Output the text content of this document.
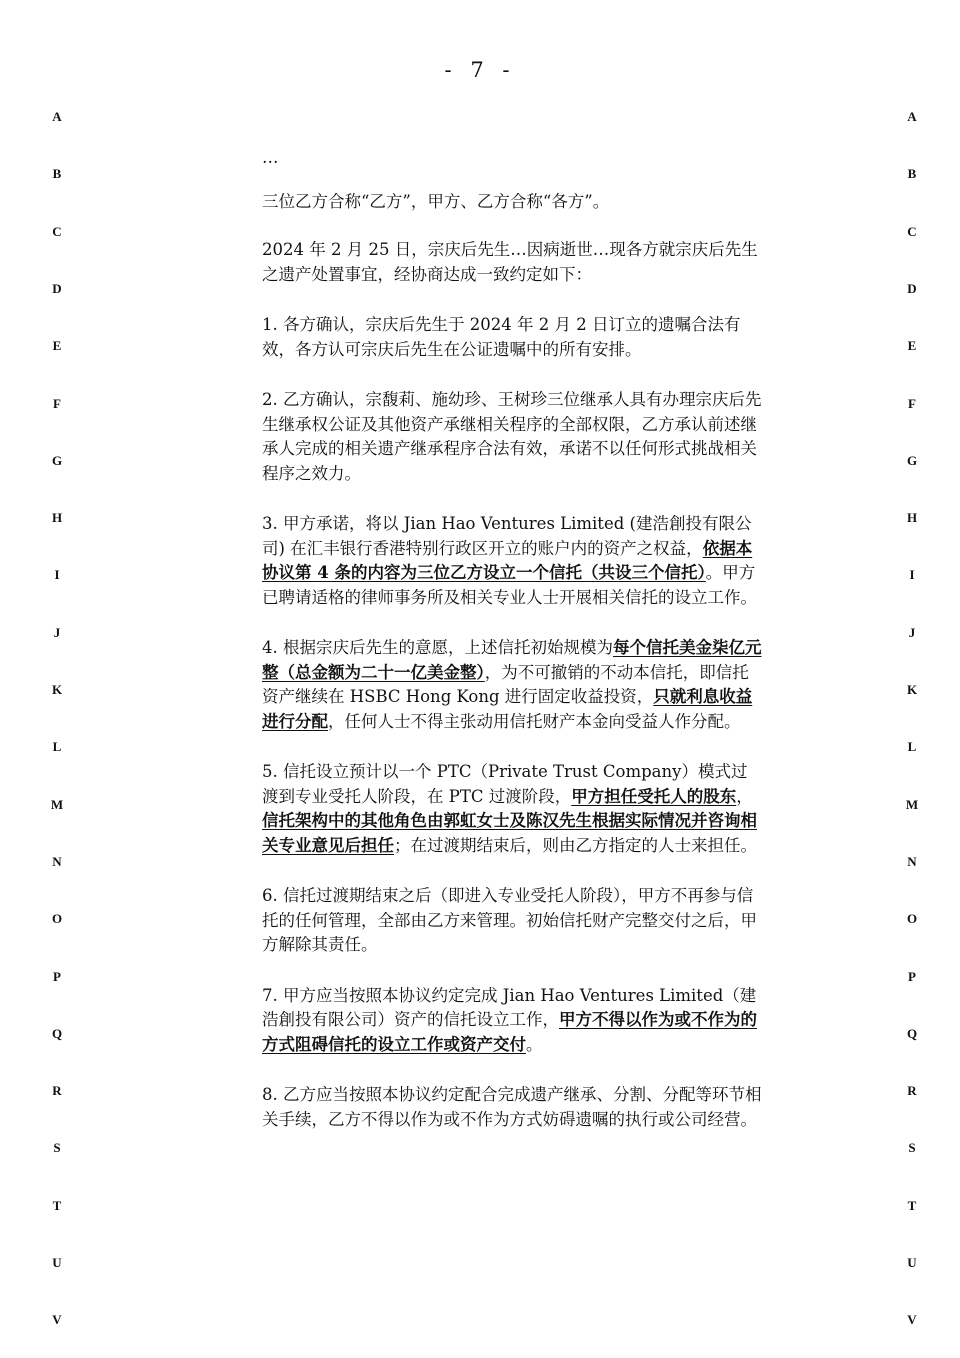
- 7 -
A
B
C
D
E
F
G
H
I
J
K
L
M
N
O
P
Q
R
S
T
U
V
A
B
C
D
E
F
G
H
I
J
K
L
M
N
O
P
Q
R
S
T
U
V

…

三位乙方合称“乙方”，甲方、乙方合称“各方”。

2024 年 2 月 25 日，宗庆后先生…因病逝世…现各方就宗庆后先生之遗产处置事宜，经协商达成一致约定如下：

1. 各方确认，宗庆后先生于 2024 年 2 月 2 日订立的遗嘱合法有效，各方认可宗庆后先生在公证遗嘱中的所有安排。

2. 乙方确认，宗馥莉、施幼珍、王树珍三位继承人具有办理宗庆后先生继承权公证及其他资产承继相关程序的全部权限，乙方承认前述继承人完成的相关遗产继承程序合法有效，承诺不以任何形式挑战相关程序之效力。

3. 甲方承诺，将以 Jian Hao Ventures Limited (建浩創投有限公司) 在汇丰银行香港特别行政区开立的账户内的资产之权益，依据本协议第 4 条的内容为三位乙方设立一个信托（共设三个信托）。甲方已聘请适格的律师事务所及相关专业人士开展相关信托的设立工作。

4. 根据宗庆后先生的意愿，上述信托初始规模为每个信托美金柒亿元整（总金额为二十一亿美金整），为不可撤销的不动本信托，即信托资产继续在 HSBC Hong Kong 进行固定收益投资，只就利息收益进行分配，任何人士不得主张动用信托财产本金向受益人作分配。

5. 信托设立预计以一个 PTC（Private Trust Company）模式过渡到专业受托人阶段，在 PTC 过渡阶段，甲方担任受托人的股东，信托架构中的其他角色由郭虹女士及陈汉先生根据实际情况并咨询相关专业意见后担任；在过渡期结束后，则由乙方指定的人士来担任。

6. 信托过渡期结束之后（即进入专业受托人阶段），甲方不再参与信托的任何管理，全部由乙方来管理。初始信托财产完整交付之后，甲方解除其责任。

7. 甲方应当按照本协议约定完成 Jian Hao Ventures Limited（建浩創投有限公司）资产的信托设立工作，甲方不得以作为或不作为的方式阻碍信托的设立工作或资产交付。

8. 乙方应当按照本协议约定配合完成遗产继承、分割、分配等环节相关手续，乙方不得以作为或不作为方式妨碍遗嘱的执行或公司经营。
